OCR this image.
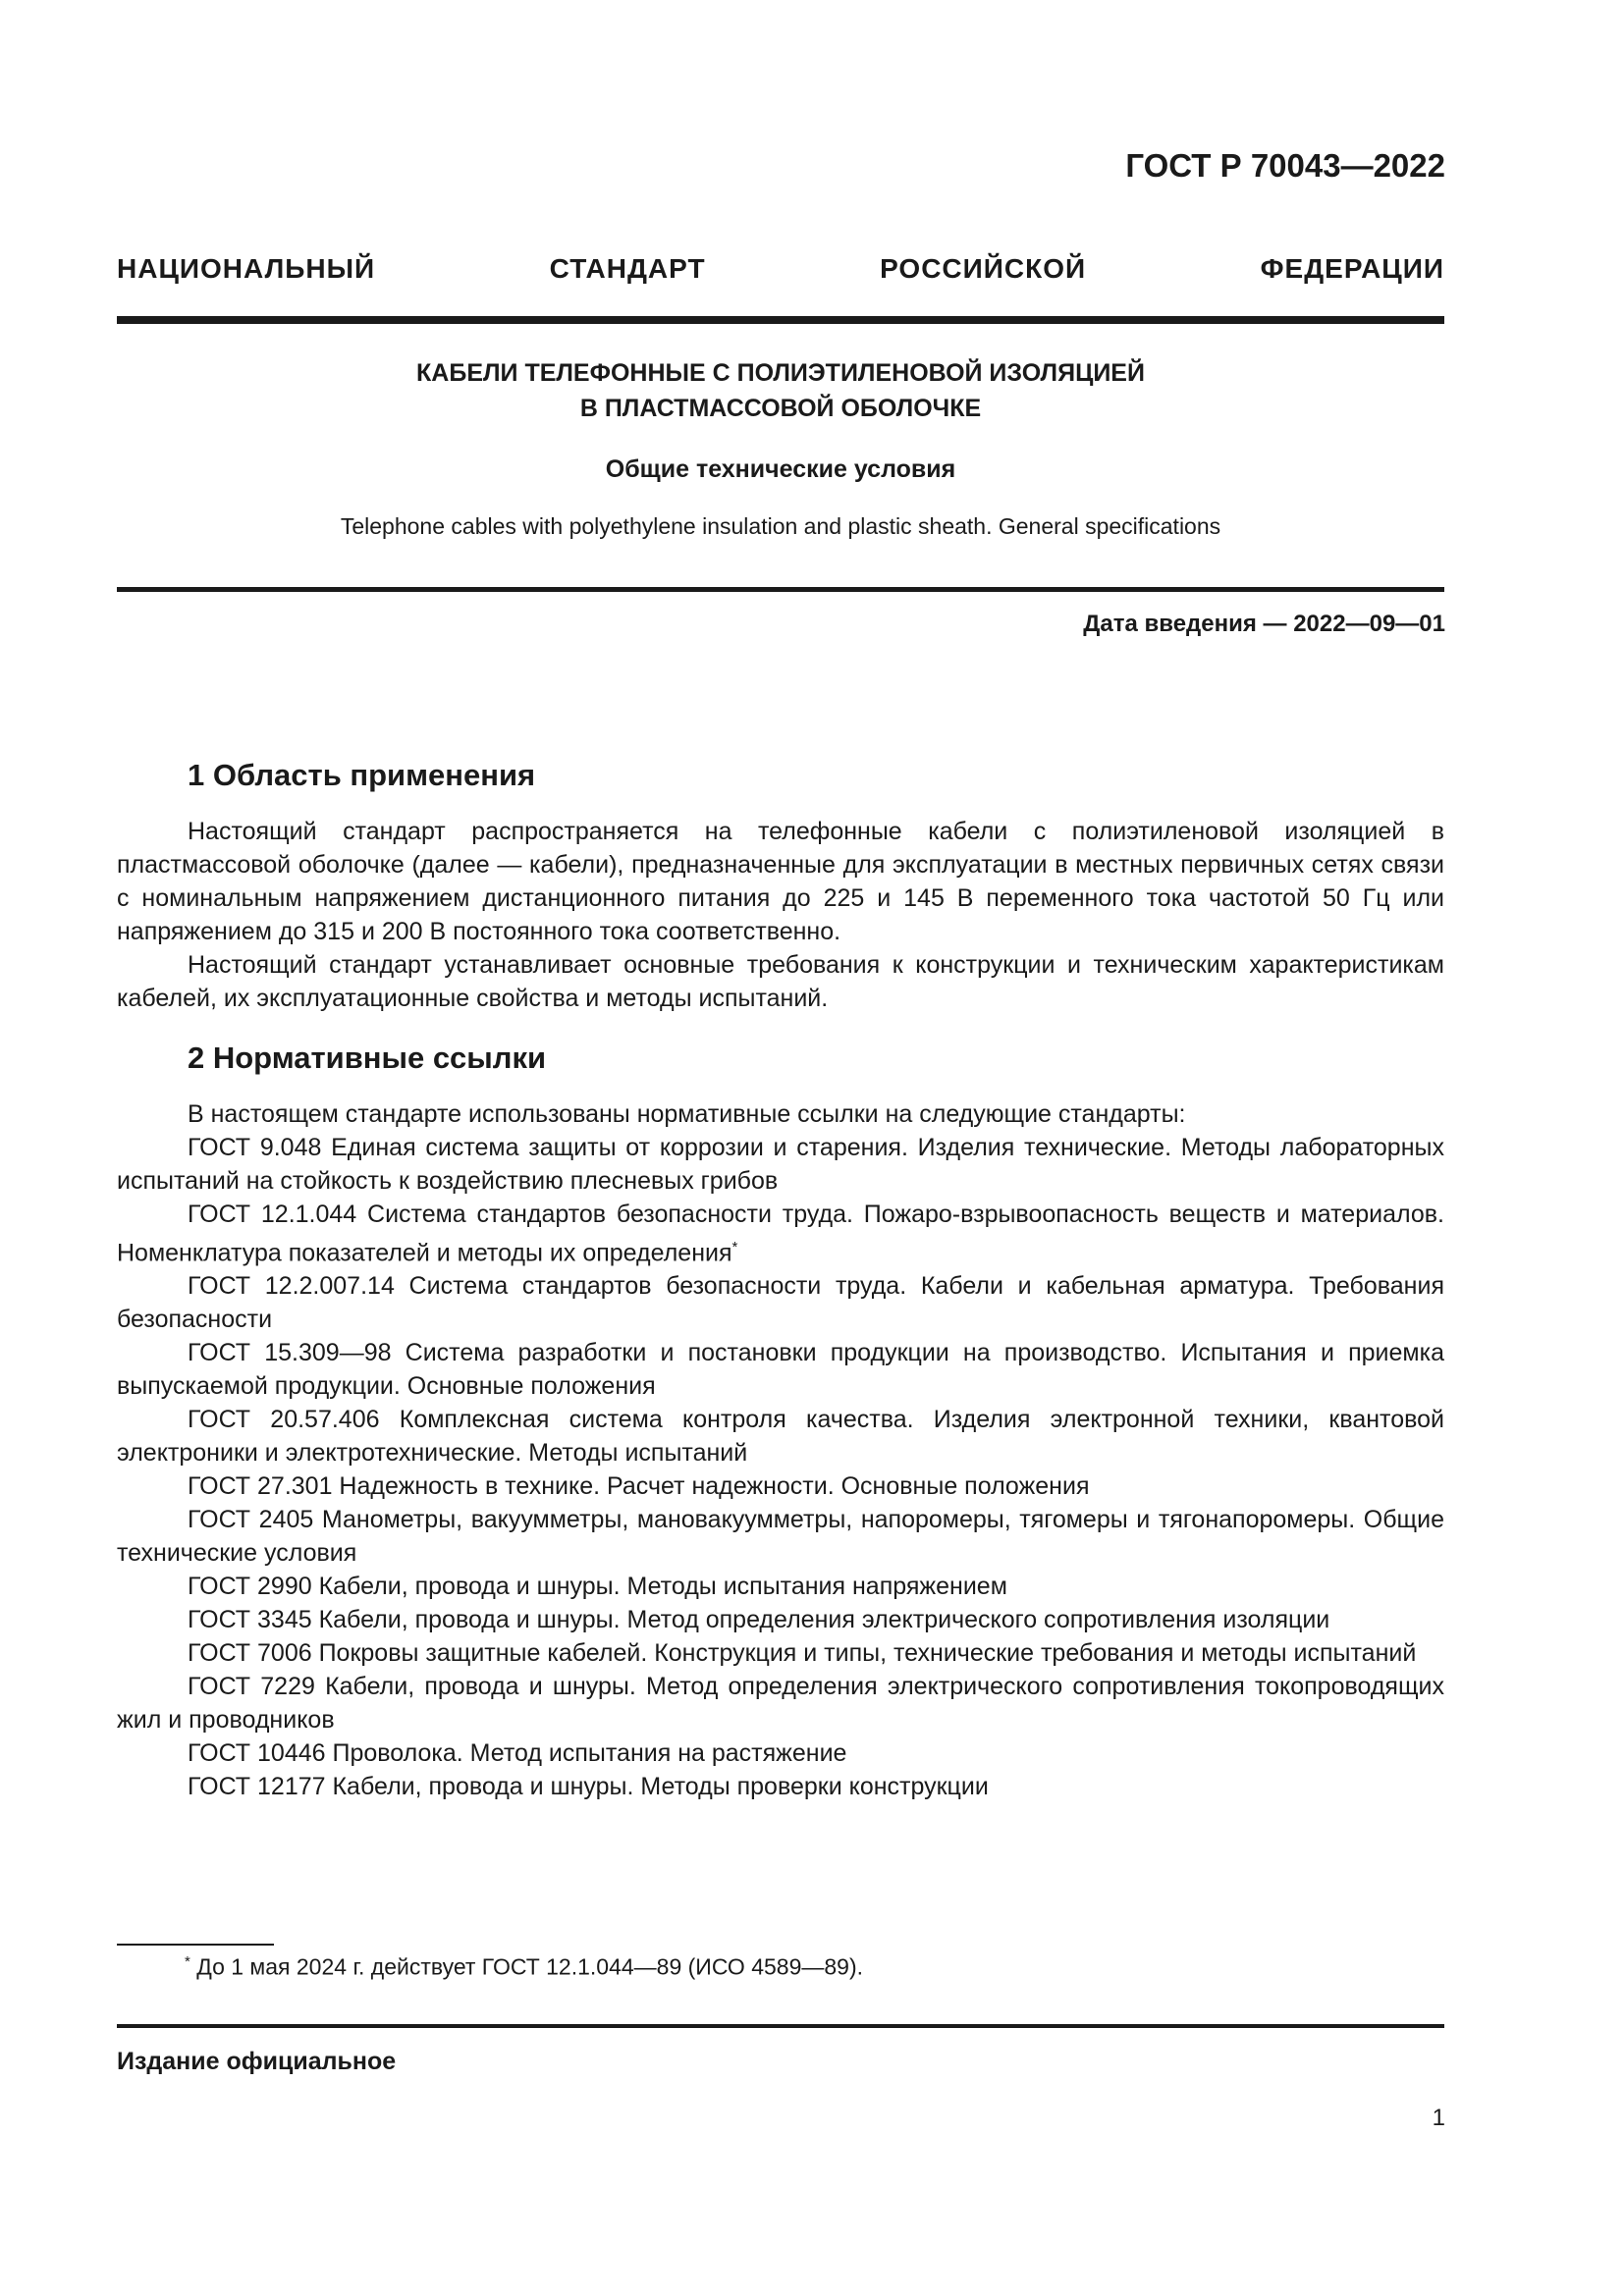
ГОСТ Р 70043—2022

НАЦИОНАЛЬНЫЙ СТАНДАРТ РОССИЙСКОЙ ФЕДЕРАЦИИ

КАБЕЛИ ТЕЛЕФОННЫЕ С ПОЛИЭТИЛЕНОВОЙ ИЗОЛЯЦИЕЙ
В ПЛАСТМАССОВОЙ ОБОЛОЧКЕ

Общие технические условия

Telephone cables with polyethylene insulation and plastic sheath. General specifications

Дата введения — 2022—09—01

1 Область применения

Настоящий стандарт распространяется на телефонные кабели с полиэтиленовой изоляцией в пластмассовой оболочке (далее — кабели), предназначенные для эксплуатации в местных первичных сетях связи с номинальным напряжением дистанционного питания до 225 и 145 В переменного тока частотой 50 Гц или напряжением до 315 и 200 В постоянного тока соответственно.

Настоящий стандарт устанавливает основные требования к конструкции и техническим характеристикам кабелей, их эксплуатационные свойства и методы испытаний.

2 Нормативные ссылки

В настоящем стандарте использованы нормативные ссылки на следующие стандарты:

ГОСТ 9.048 Единая система защиты от коррозии и старения. Изделия технические. Методы лабораторных испытаний на стойкость к воздействию плесневых грибов

ГОСТ 12.1.044 Система стандартов безопасности труда. Пожаро-взрывоопасность веществ и материалов. Номенклатура показателей и методы их определения*

ГОСТ 12.2.007.14 Система стандартов безопасности труда. Кабели и кабельная арматура. Требования безопасности

ГОСТ 15.309—98 Система разработки и постановки продукции на производство. Испытания и приемка выпускаемой продукции. Основные положения

ГОСТ 20.57.406 Комплексная система контроля качества. Изделия электронной техники, квантовой электроники и электротехнические. Методы испытаний

ГОСТ 27.301 Надежность в технике. Расчет надежности. Основные положения

ГОСТ 2405 Манометры, вакуумметры, мановакуумметры, напоромеры, тягомеры и тягонапоромеры. Общие технические условия

ГОСТ 2990 Кабели, провода и шнуры. Методы испытания напряжением

ГОСТ 3345 Кабели, провода и шнуры. Метод определения электрического сопротивления изоляции

ГОСТ 7006 Покровы защитные кабелей. Конструкция и типы, технические требования и методы испытаний

ГОСТ 7229 Кабели, провода и шнуры. Метод определения электрического сопротивления токопроводящих жил и проводников

ГОСТ 10446 Проволока. Метод испытания на растяжение

ГОСТ 12177 Кабели, провода и шнуры. Методы проверки конструкции

* До 1 мая 2024 г. действует ГОСТ 12.1.044—89 (ИСО 4589—89).

Издание официальное

1
